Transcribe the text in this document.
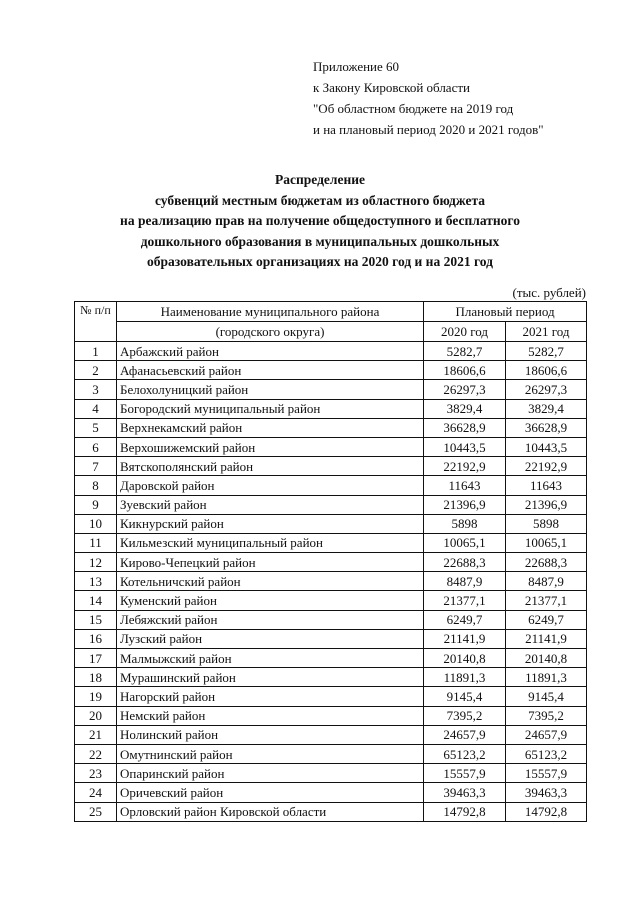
Приложение 60
к Закону Кировской области
"Об областном бюджете на 2019 год
и на плановый период 2020 и 2021 годов"
Распределение
субвенций местным бюджетам из областного бюджета
на реализацию прав на получение общедоступного и бесплатного
дошкольного образования в муниципальных дошкольных
образовательных организациях на 2020 год и на 2021 год
(тыс. рублей)
№ п/п	Наименование муниципального района	Плановый период	
	(городского округа)	2020 год	2021 год
1	Арбажский район	5282,7	5282,7
2	Афанасьевский район	18606,6	18606,6
3	Белохолуницкий район	26297,3	26297,3
4	Богородский муниципальный район	3829,4	3829,4
5	Верхнекамский район	36628,9	36628,9
6	Верхошижемский район	10443,5	10443,5
7	Вятскополянский район	22192,9	22192,9
8	Даровской район	11643	11643
9	Зуевский район	21396,9	21396,9
10	Кикнурский район	5898	5898
11	Кильмезский муниципальный район	10065,1	10065,1
12	Кирово-Чепецкий район	22688,3	22688,3
13	Котельничский район	8487,9	8487,9
14	Куменский район	21377,1	21377,1
15	Лебяжский район	6249,7	6249,7
16	Лузский район	21141,9	21141,9
17	Малмыжский район	20140,8	20140,8
18	Мурашинский район	11891,3	11891,3
19	Нагорский район	9145,4	9145,4
20	Немский район	7395,2	7395,2
21	Нолинский район	24657,9	24657,9
22	Омутнинский район	65123,2	65123,2
23	Опаринский район	15557,9	15557,9
24	Оричевский район	39463,3	39463,3
25	Орловский район Кировской области	14792,8	14792,8
